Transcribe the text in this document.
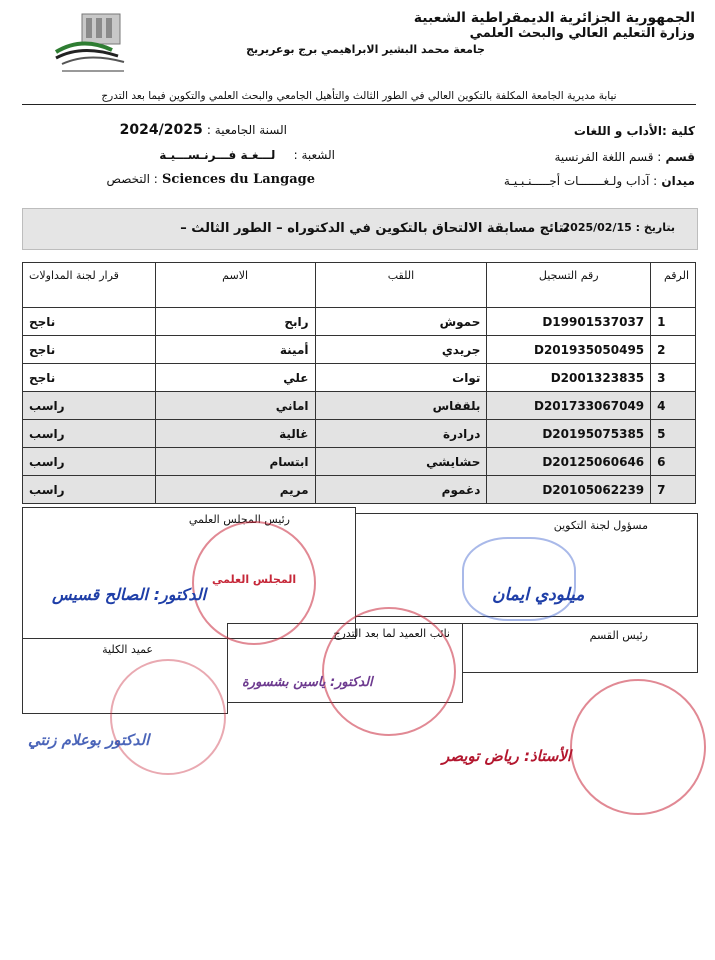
الجمهورية الجزائرية الديمقراطية الشعبية
وزارة التعليم العالي والبحث العلمي
جامعة محمد البشير الابراهيمي برج بوعريريج
نيابة مديرية الجامعة المكلفة بالتكوين العالي في الطور الثالث والتأهيل الجامعي والبحث العلمي والتكوين فيما بعد التدرج
كلية :الأداب و اللغات
السنة الجامعية : 2024/2025
قسم : قسم اللغة الفرنسية
الشعبة : لـــغـة فـــرنـســـيـة
ميدان : آداب ولـغـــــــات أجـــــنـبـيـة
Sciences du Langage : التخصص
نتائج مسابقة الالتحاق بالتكوين في الدكتوراه – الطور الثالث –	بتاريخ : 2025/02/15
قرار لجنة المداولات	الاسم	اللقب	رقم التسجيل	الرقم
ناجح	رابح	حموش	D19901537037	1
ناجح	أمينة	جريدي	D201935050495	2
ناجح	علي	توات	D2001323835	3
راسب	اماني	بلقفاس	D201733067049	4
راسب	غالية	درادرة	D20195075385	5
راسب	ابتسام	حشايشي	D20125060646	6
راسب	مريم	دغموم	D20105062239	7
رئيس المجلس العلمي	مسؤول لجنة التكوين
عميد الكلية
نائب العميد لما بعد التدرج	رئيس القسم
المجلس العلمي
الدكتور: الصالح قسيس	ميلودي ايمان
الدكتور: ياسين بشسورة
الدكتور بوعلام زنتي
الأستاذ: رياض تويصر
